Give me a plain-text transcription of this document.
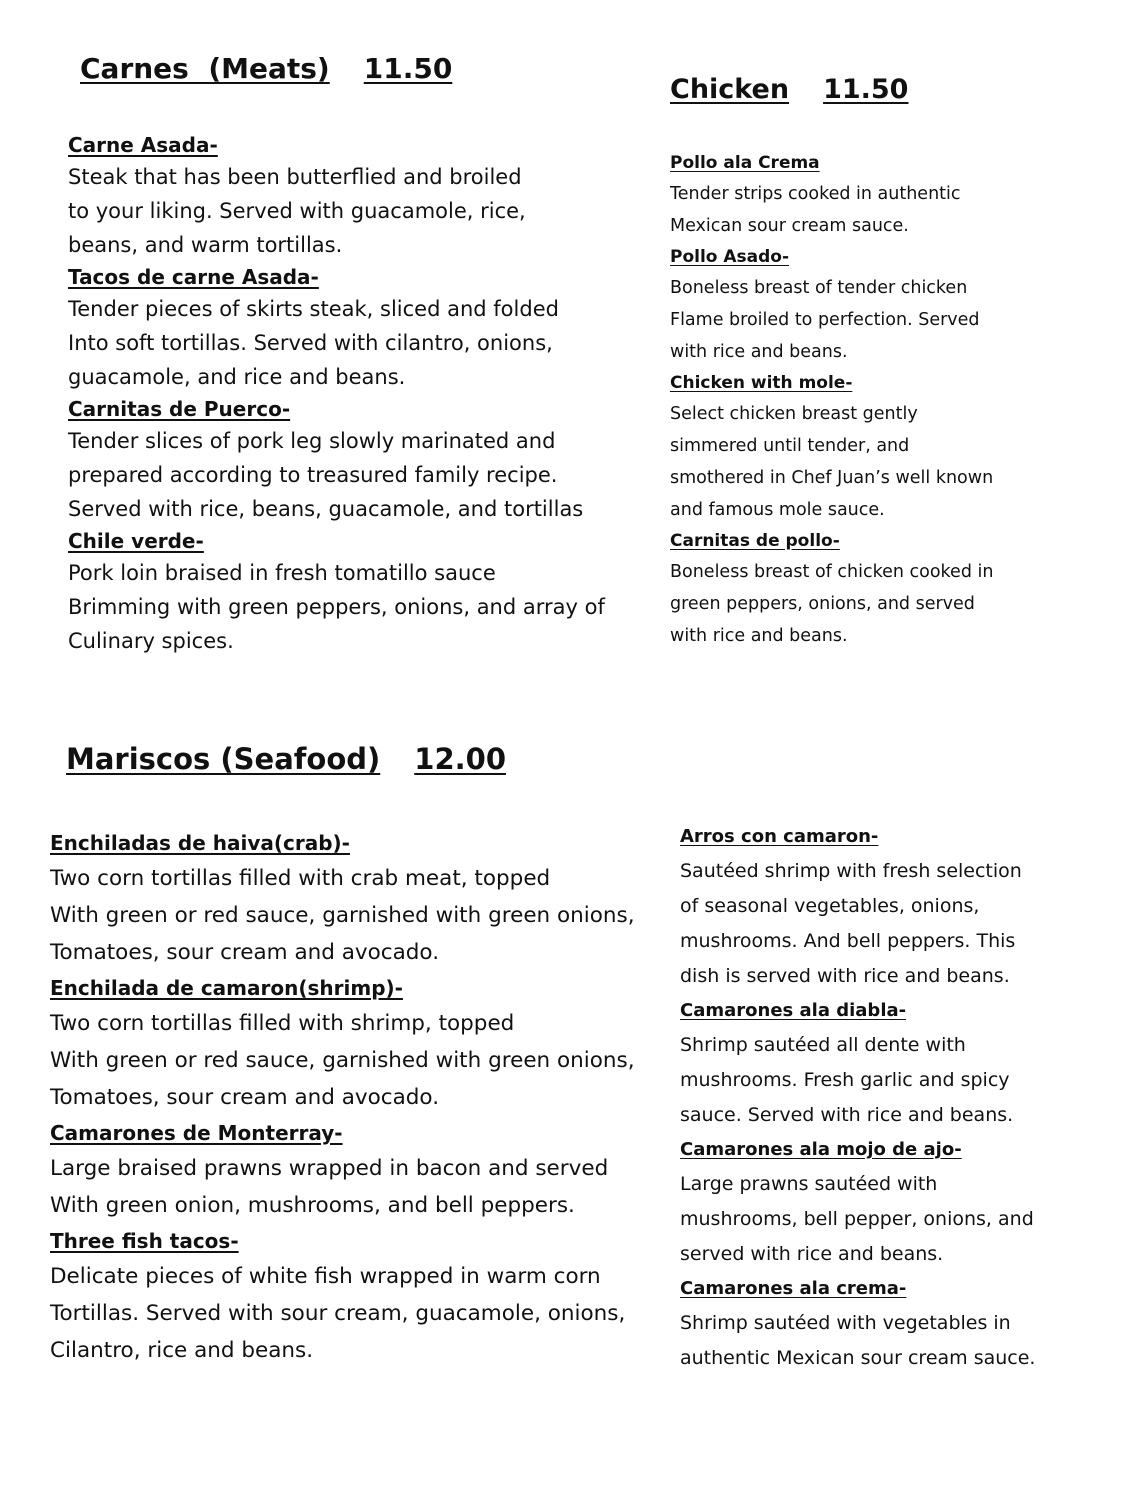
Carnes  (Meats) 11.50
Chicken 11.50
Mariscos (Seafood) 12.00
Carne Asada-
Steak that has been butterflied and broiled
to your liking. Served with guacamole, rice,
beans, and warm tortillas.
Tacos de carne Asada-
Tender pieces of skirts steak, sliced and folded
Into soft tortillas. Served with cilantro, onions,
guacamole, and rice and beans.
Carnitas de Puerco-
Tender slices of pork leg slowly marinated and
prepared according to treasured family recipe.
Served with rice, beans, guacamole, and tortillas
Chile verde-
Pork loin braised in fresh tomatillo sauce
Brimming with green peppers, onions, and array of
Culinary spices.
Pollo ala Crema
Tender strips cooked in authentic
Mexican sour cream sauce.
Pollo Asado-
Boneless breast of tender chicken
Flame broiled to perfection. Served
with rice and beans.
Chicken with mole-
Select chicken breast gently
simmered until tender, and
smothered in Chef Juan’s well known
and famous mole sauce.
Carnitas de pollo-
Boneless breast of chicken cooked in
green peppers, onions, and served
with rice and beans.
Enchiladas de haiva(crab)-
Two corn tortillas filled with crab meat, topped
With green or red sauce, garnished with green onions,
Tomatoes, sour cream and avocado.
Enchilada de camaron(shrimp)-
Two corn tortillas filled with shrimp, topped
With green or red sauce, garnished with green onions,
Tomatoes, sour cream and avocado.
Camarones de Monterray-
Large braised prawns wrapped in bacon and served
With green onion, mushrooms, and bell peppers.
Three fish tacos-
Delicate pieces of white fish wrapped in warm corn
Tortillas. Served with sour cream, guacamole, onions,
Cilantro, rice and beans.
Arros con camaron-
Sautéed shrimp with fresh selection
of seasonal vegetables, onions,
mushrooms. And bell peppers. This
dish is served with rice and beans.
Camarones ala diabla-
Shrimp sautéed all dente with
mushrooms. Fresh garlic and spicy
sauce. Served with rice and beans.
Camarones ala mojo de ajo-
Large prawns sautéed with
mushrooms, bell pepper, onions, and
served with rice and beans.
Camarones ala crema-
Shrimp sautéed with vegetables in
authentic Mexican sour cream sauce.
